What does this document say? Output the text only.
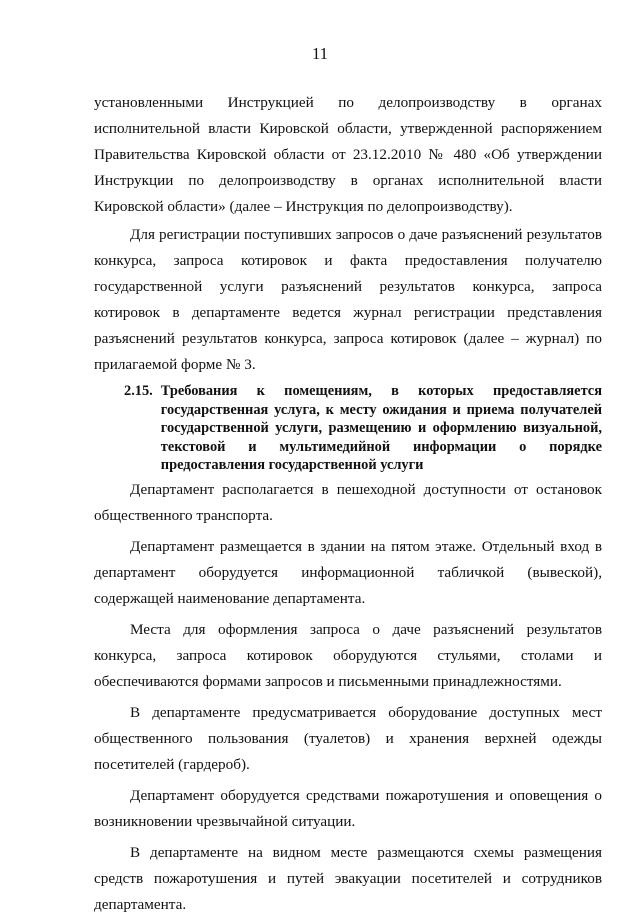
11

установленными Инструкцией по делопроизводству в органах исполнительной власти Кировской области, утвержденной распоряжением Правительства Кировской области от 23.12.2010 № 480 «Об утверждении Инструкции по делопроизводству в органах исполнительной власти Кировской области» (далее – Инструкция по делопроизводству).

Для регистрации поступивших запросов о даче разъяснений результатов конкурса, запроса котировок и факта предоставления получателю государственной услуги разъяснений результатов конкурса, запроса котировок в департаменте ведется журнал регистрации представления разъяснений результатов конкурса, запроса котировок (далее – журнал) по прилагаемой форме № 3.

2.15. Требования к помещениям, в которых предоставляется государственная услуга, к месту ожидания и приема получателей государственной услуги, размещению и оформлению визуальной, текстовой и мультимедийной информации о порядке предоставления государственной услуги

Департамент располагается в пешеходной доступности от остановок общественного транспорта.

Департамент размещается в здании на пятом этаже. Отдельный вход в департамент оборудуется информационной табличкой (вывеской), содержащей наименование департамента.

Места для оформления запроса о даче разъяснений результатов конкурса, запроса котировок оборудуются стульями, столами и обеспечиваются формами запросов и письменными принадлежностями.

В департаменте предусматривается оборудование доступных мест общественного пользования (туалетов) и хранения верхней одежды посетителей (гардероб).

Департамент оборудуется средствами пожаротушения и оповещения о возникновении чрезвычайной ситуации.

В департаменте на видном месте размещаются схемы размещения средств пожаротушения и путей эвакуации посетителей и сотрудников департамента.
